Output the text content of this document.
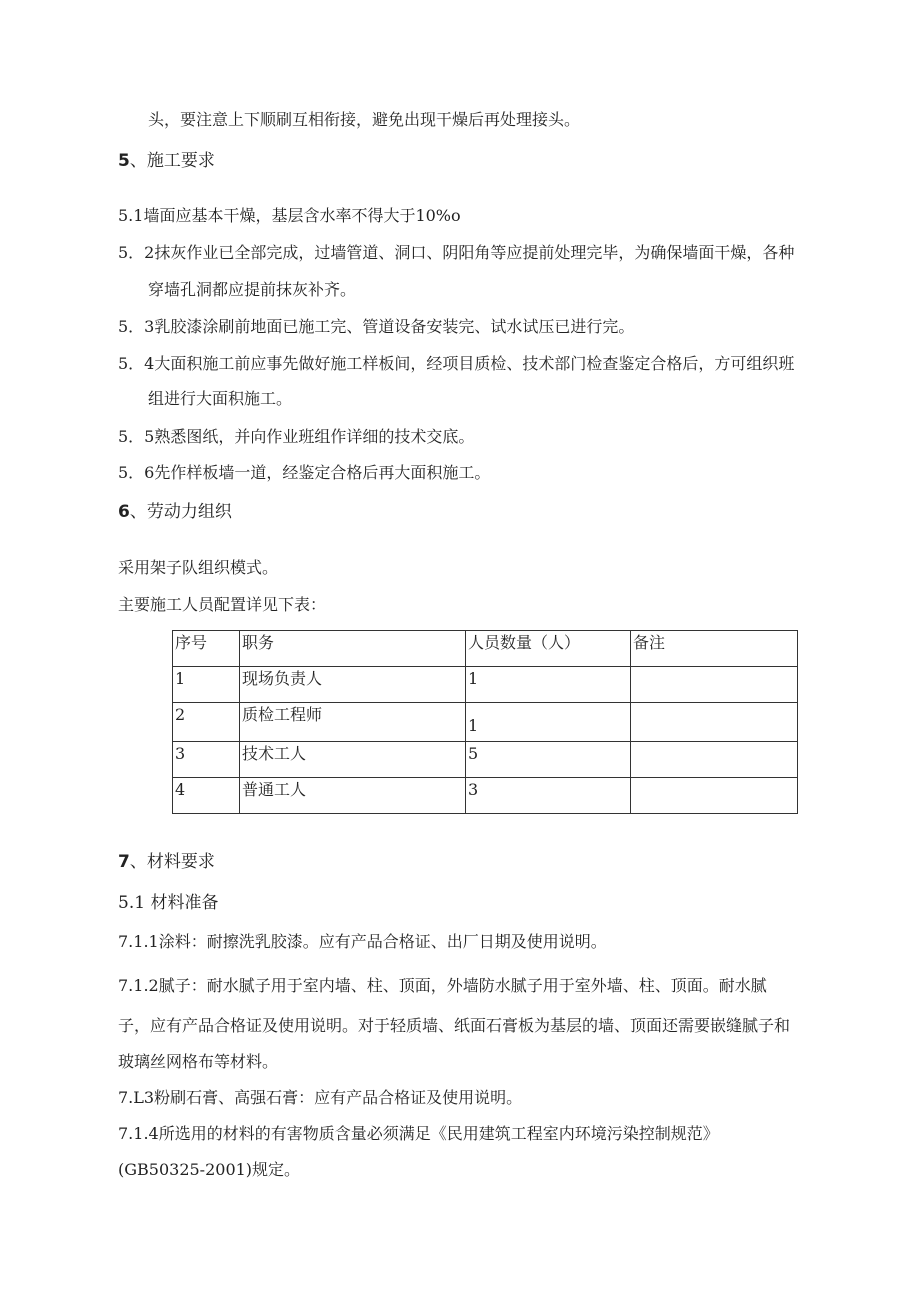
头，要注意上下顺刷互相衔接，避免出现干燥后再处理接头。
5、施工要求
5.1墙面应基本干燥，基层含水率不得大于10%o
5．2抹灰作业已全部完成，过墙管道、洞口、阴阳角等应提前处理完毕，为确保墙面干燥，各种
穿墙孔洞都应提前抹灰补齐。
5．3乳胶漆涂刷前地面已施工完、管道设备安装完、试水试压已进行完。
5．4大面积施工前应事先做好施工样板间，经项目质检、技术部门检查鉴定合格后，方可组织班
组进行大面积施工。
5．5熟悉图纸，并向作业班组作详细的技术交底。
5．6先作样板墙一道，经鉴定合格后再大面积施工。
6、劳动力组织
采用架子队组织模式。
主要施工人员配置详见下表：
序号	职务	人员数量（人）	备注
1	现场负责人	1	
2	质检工程师	1	
3	技术工人	5	
4	普通工人	3	
7、材料要求
5.1 材料准备
7.1.1涂料：耐擦洗乳胶漆。应有产品合格证、出厂日期及使用说明。
7.1.2腻子：耐水腻子用于室内墙、柱、顶面，外墙防水腻子用于室外墙、柱、顶面。耐水腻
子，应有产品合格证及使用说明。对于轻质墙、纸面石膏板为基层的墙、顶面还需要嵌缝腻子和
玻璃丝网格布等材料。
7.L3粉刷石膏、高强石膏：应有产品合格证及使用说明。
7.1.4所选用的材料的有害物质含量必须满足《民用建筑工程室内环境污染控制规范》
(GB50325-2001)规定。
